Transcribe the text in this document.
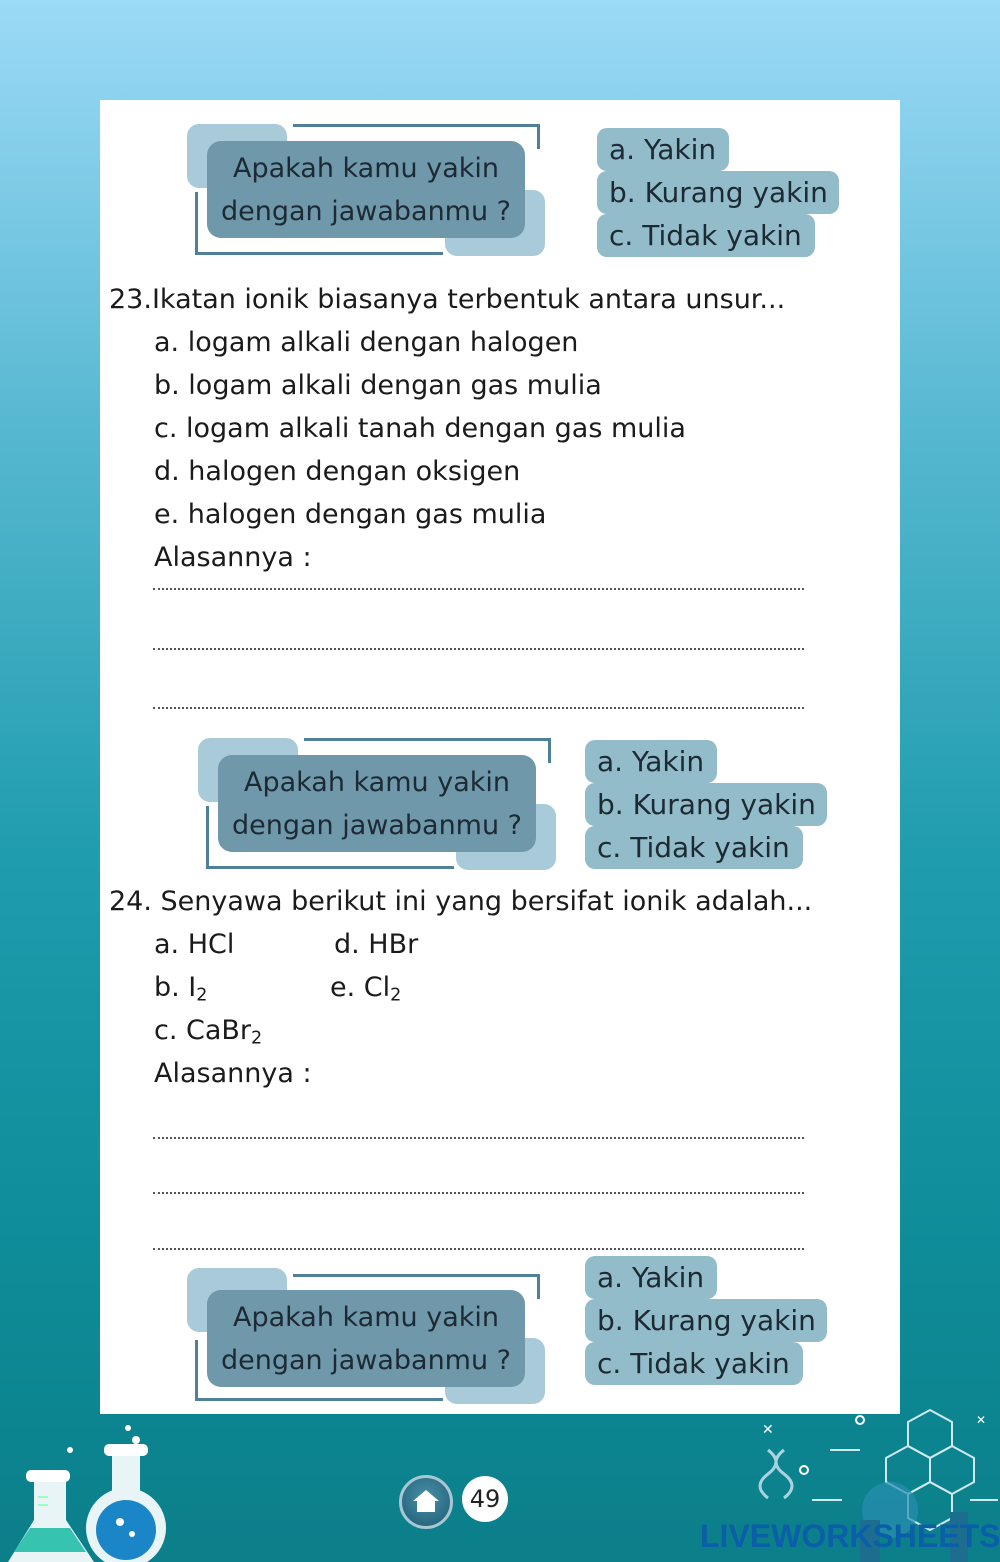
Apakah kamu yakin
dengan jawabanmu ?
a. Yakin
b. Kurang yakin
c. Tidak yakin
23.Ikatan ionik biasanya terbentuk antara unsur...
a. logam alkali dengan halogen
b. logam alkali dengan gas mulia
c. logam alkali tanah dengan gas mulia
d. halogen dengan oksigen
e. halogen dengan gas mulia
Alasannya :
Apakah kamu yakin
dengan jawabanmu ?
a. Yakin
b. Kurang yakin
c. Tidak yakin
24. Senyawa berikut ini yang bersifat ionik adalah...
a. HCl	d. HBr
b. $I_2$	e. $Cl_2$
c. CaBr$_2$
Alasannya :
Apakah kamu yakin
dengan jawabanmu ?
a. Yakin
b. Kurang yakin
c. Tidak yakin
✕
✕
49
LIVEWORKSHEETS
